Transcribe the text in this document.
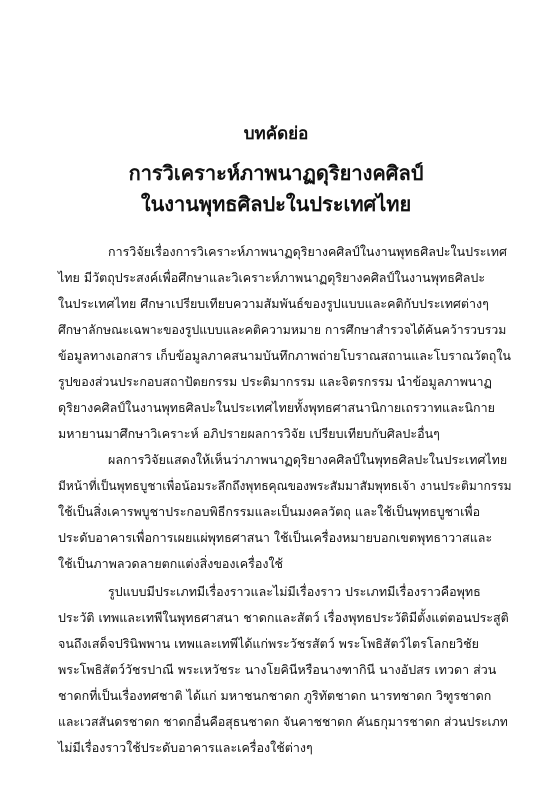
บทคัดย่อ
การวิเคราะห์ภาพนาฏดุริยางคศิลป์
ในงานพุทธศิลปะในประเทศไทย
การวิจัยเรื่องการวิเคราะห์ภาพนาฏดุริยางคศิลป์ในงานพุทธศิลปะในประเทศ
ไทย มีวัตถุประสงค์เพื่อศึกษาและวิเคราะห์ภาพนาฏดุริยางคศิลป์ในงานพุทธศิลปะ
ในประเทศไทย ศึกษาเปรียบเทียบความสัมพันธ์ของรูปแบบและคติกับประเทศต่างๆ
ศึกษาลักษณะเฉพาะของรูปแบบและคติความหมาย การศึกษาสำรวจได้ค้นคว้ารวบรวม
ข้อมูลทางเอกสาร เก็บข้อมูลภาคสนามบันทึกภาพถ่ายโบราณสถานและโบราณวัตถุใน
รูปของส่วนประกอบสถาปัตยกรรม ประติมากรรม และจิตรกรรม นำข้อมูลภาพนาฏ
ดุริยางคศิลป์ในงานพุทธศิลปะในประเทศไทยทั้งพุทธศาสนานิกายเถรวาทและนิกาย
มหายานมาศึกษาวิเคราะห์ อภิปรายผลการวิจัย เปรียบเทียบกับศิลปะอื่นๆ
ผลการวิจัยแสดงให้เห็นว่าภาพนาฏดุริยางคศิลป์ในพุทธศิลปะในประเทศไทย
มีหน้าที่เป็นพุทธบูชาเพื่อน้อมระลึกถึงพุทธคุณของพระสัมมาสัมพุทธเจ้า งานประติมากรรม
ใช้เป็นสิ่งเคารพบูชาประกอบพิธีกรรมและเป็นมงคลวัตถุ และใช้เป็นพุทธบูชาเพื่อ
ประดับอาคารเพื่อการเผยแผ่พุทธศาสนา ใช้เป็นเครื่องหมายบอกเขตพุทธาวาสและ
ใช้เป็นภาพลวดลายตกแต่งสิ่งของเครื่องใช้
รูปแบบมีประเภทมีเรื่องราวและไม่มีเรื่องราว ประเภทมีเรื่องราวคือพุทธ
ประวัติ เทพและเทพีในพุทธศาสนา ชาดกและสัตว์ เรื่องพุทธประวัติมีตั้งแต่ตอนประสูติ
จนถึงเสด็จปรินิพพาน เทพและเทพีได้แก่พระวัชรสัตว์ พระโพธิสัตว์ไตรโลกยวิชัย
พระโพธิสัตว์วัชรปาณี พระเหวัชระ นางโยคินีหรือนางฑากินี นางอัปสร เทวดา ส่วน
ชาดกที่เป็นเรื่องทศชาติ ได้แก่ มหาชนกชาดก ภูริทัตชาดก นารทชาดก วิฑูรชาดก
และเวสสันดรชาดก ชาดกอื่นคือสุธนชาดก จันคาชชาดก คันธกุมารชาดก ส่วนประเภท
ไม่มีเรื่องราวใช้ประดับอาคารและเครื่องใช้ต่างๆ
